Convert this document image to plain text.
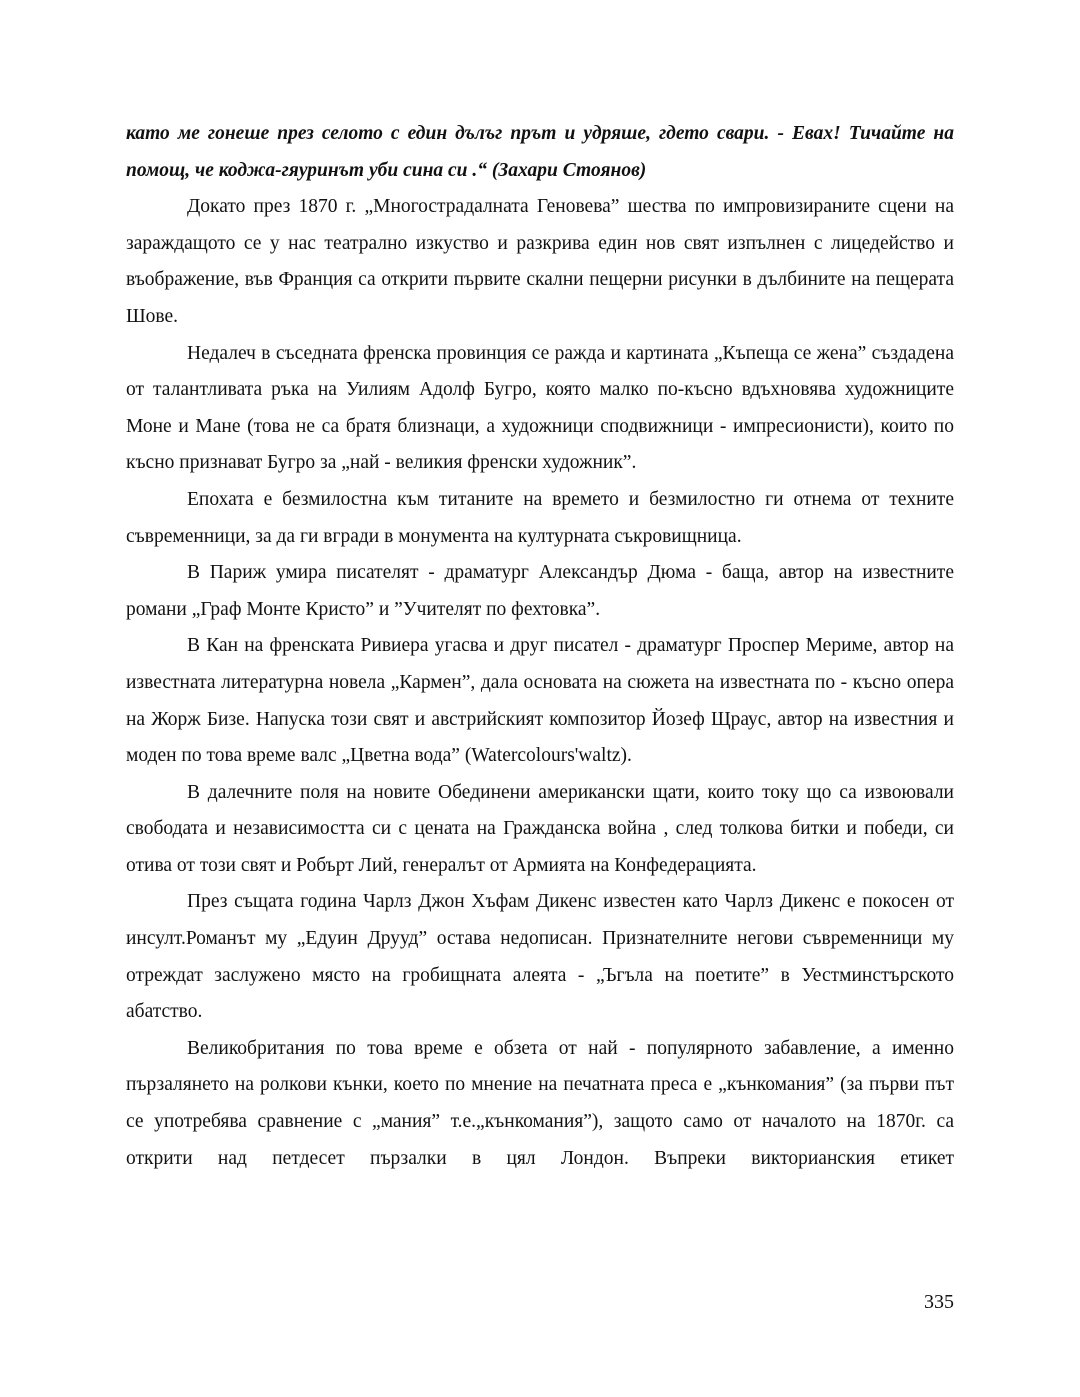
като ме гонеше през селото с един дълъг прът и удряше, гдето свари. - Евах! Тичайте на помощ, че коджа-гяуринът уби сина си .“ (Захари Стоянов)

Докато през 1870 г. „Многострадалната Геновева” шества по импровизираните сцени на зараждащото се у нас театрално изкуство и разкрива един нов свят изпълнен с лицедейство и въображение, във Франция са открити първите скални пещерни рисунки в дълбините на пещерата Шове.

Недалеч в съседната френска провинция се ражда и картината „Къпеща се жена” създадена от талантливата ръка на Уилиям Адолф Бугро, която малко по-късно вдъхновява художниците Моне и Мане (това не са братя близнаци, а художници сподвижници - импресионисти), които по късно признават Бугро за „най - великия френски художник”.

Епохата е безмилостна към титаните на времето и безмилостно ги отнема от техните съвременници, за да ги вгради в монумента на културната съкровищница.

В Париж умира писателят - драматург Александър Дюма - баща, автор на известните романи „Граф Монте Кристо” и ”Учителят по фехтовка”.

В Кан на френската Ривиера угасва и друг писател - драматург Проспер Мериме, автор на известната литературна новела „Кармен”, дала основата на сюжета на известната по - късно опера на Жорж Бизе. Напуска този свят и австрийският композитор Йозеф Щраус, автор на известния и моден по това време валс „Цветна вода” (Watercolours'waltz).

В далечните поля на новите Обединени американски щати, които току що са извоювали свободата и независимостта си с цената на Гражданска война , след толкова битки и победи, си отива от този свят и Робърт Лий, генералът от Армията на Конфедерацията.

През същата година Чарлз Джон Хъфам Дикенс известен като Чарлз Дикенс е покосен от инсулт.Романът му „Едуин Друуд” остава недописан. Признателните негови съвременници му отреждат заслужено място на гробищната алеята - „Ъгъла на поетите” в Уестминстърското абатство.

Великобритания по това време е обзета от най - популярното забавление, а именно пързалянето на ролкови кънки, което по мнение на печатната преса е „кънкомания” (за първи път се употребява сравнение с „мания” т.е.„кънкомания”), защото само от началото на 1870г. са открити над петдесет пързалки в цял Лондон. Въпреки викторианския етикет

335
